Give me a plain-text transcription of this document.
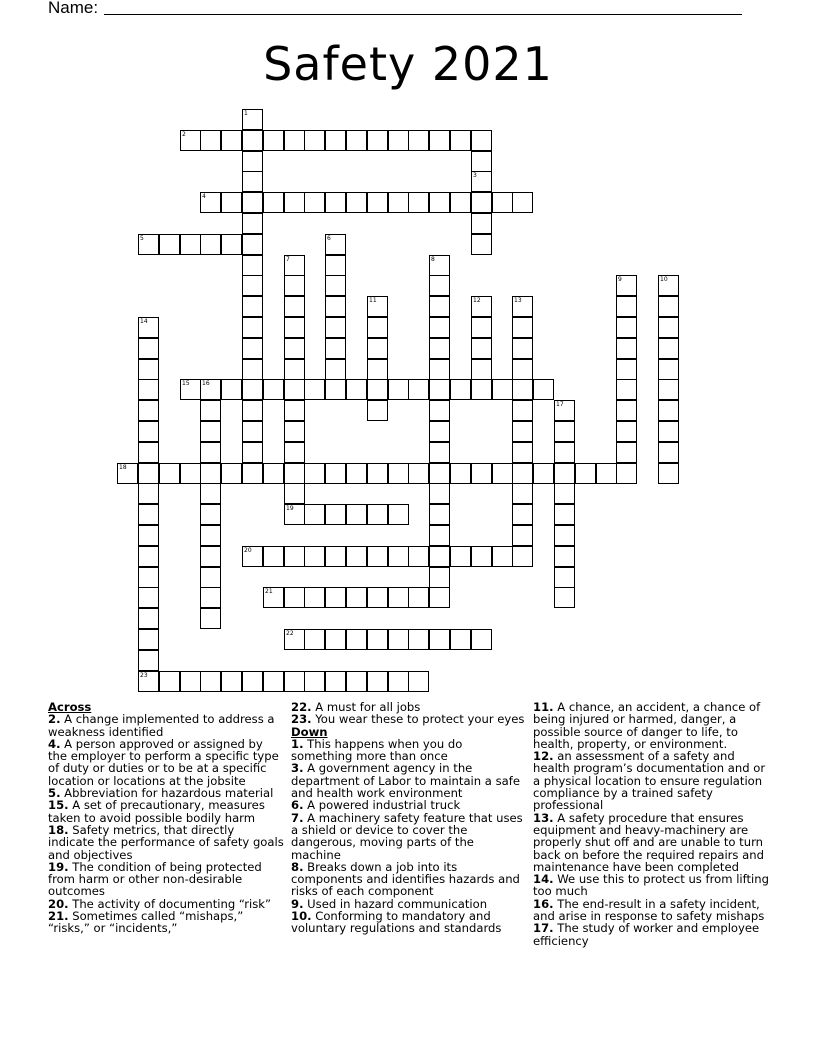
Name:
Safety 2021
1
2
3
4
5	6
7	8
9	10
11	12	13
14
15 16
17
18
19
20
21
22
23
Across
2. A change implemented to address a weakness identified
4. A person approved or assigned by the employer to perform a specific type of duty or duties or to be at a specific location or locations at the jobsite
5. Abbreviation for hazardous material
15. A set of precautionary, measures taken to avoid possible bodily harm
18. Safety metrics, that directly indicate the performance of safety goals and objectives
19. The condition of being protected from harm or other non-desirable outcomes
20. The activity of documenting “risk”
21. Sometimes called “mishaps,” “risks,” or “incidents,”
22. A must for all jobs
23. You wear these to protect your eyes
Down
1. This happens when you do something more than once
3. A government agency in the department of Labor to maintain a safe and health work environment
6. A powered industrial truck
7. A machinery safety feature that uses a shield or device to cover the dangerous, moving parts of the machine
8. Breaks down a job into its components and identifies hazards and risks of each component
9. Used in hazard communication
10. Conforming to mandatory and voluntary regulations and standards
11. A chance, an accident, a chance of being injured or harmed, danger, a possible source of danger to life, to health, property, or environment.
12. an assessment of a safety and health program’s documentation and or a physical location to ensure regulation compliance by a trained safety professional
13. A safety procedure that ensures equipment and heavy-machinery are properly shut off and are unable to turn back on before the required repairs and maintenance have been completed
14. We use this to protect us from lifting too much
16. The end-result in a safety incident, and arise in response to safety mishaps
17. The study of worker and employee efficiency
